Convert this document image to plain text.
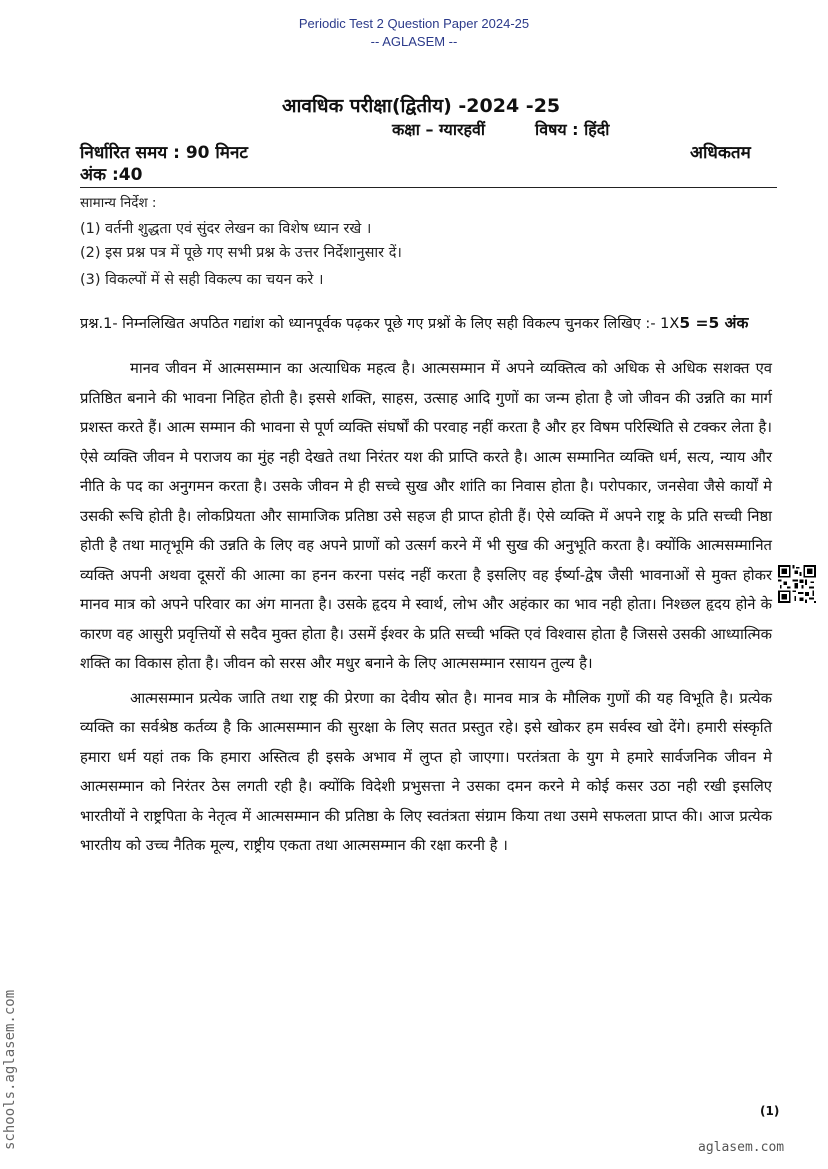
Periodic Test 2 Question Paper 2024-25
-- AGLASEM --
आवधिक परीक्षा(द्वितीय) -2024 -25
कक्षा – ग्यारहवीं	विषय : हिंदी
निर्धारित समय : 90 मिनट	अधिकतम
अंक :40
सामान्य निर्देश :
(1) वर्तनी शुद्धता एवं सुंदर लेखन का विशेष ध्यान रखे ।
(2) इस प्रश्न पत्र में पूछे गए सभी प्रश्न के उत्तर निर्देशानुसार दें।
(3) विकल्पों में से सही विकल्प का चयन करे ।
प्रश्न.1- निम्नलिखित अपठित गद्यांश को ध्यानपूर्वक पढ़कर पूछे गए प्रश्नों के लिए सही विकल्प चुनकर लिखिए :- 1X5 =5 अंक

मानव जीवन में आत्मसम्मान का अत्याधिक महत्व है। आत्मसम्मान में अपने व्यक्तित्व को अधिक से अधिक सशक्त एव प्रतिष्ठित बनाने की भावना निहित होती है। इससे शक्ति, साहस, उत्साह आदि गुणों का जन्म होता है जो जीवन की उन्नति का मार्ग प्रशस्त करते हैं। आत्म सम्मान की भावना से पूर्ण व्यक्ति संघर्षों की परवाह नहीं करता है और हर विषम परिस्थिति से टक्कर लेता है। ऐसे व्यक्ति जीवन मे पराजय का मुंह नही देखते तथा निरंतर यश की प्राप्ति करते है। आत्म सम्मानित व्यक्ति धर्म, सत्य, न्याय और नीति के पद का अनुगमन करता है। उसके जीवन मे ही सच्चे सुख और शांति का निवास होता है। परोपकार, जनसेवा जैसे कार्यों मे उसकी रूचि होती है। लोकप्रियता और सामाजिक प्रतिष्ठा उसे सहज ही प्राप्त होती हैं। ऐसे व्यक्ति में अपने राष्ट्र के प्रति सच्ची निष्ठा होती है तथा मातृभूमि की उन्नति के लिए वह अपने प्राणों को उत्सर्ग करने में भी सुख की अनुभूति करता है। क्योंकि आत्मसम्मानित व्यक्ति अपनी अथवा दूसरों की आत्मा का हनन करना पसंद नहीं करता है इसलिए वह ईर्ष्या-द्वेष जैसी भावनाओं से मुक्त होकर मानव मात्र को अपने परिवार का अंग मानता है। उसके हृदय मे स्वार्थ, लोभ और अहंकार का भाव नही होता। निश्छल हृदय होने के कारण वह आसुरी प्रवृत्तियों से सदैव मुक्त होता है। उसमें ईश्वर के प्रति सच्ची भक्ति एवं विश्वास होता है जिससे उसकी आध्यात्मिक शक्ति का विकास होता है। जीवन को सरस और मधुर बनाने के लिए आत्मसम्मान रसायन तुल्य है।

आत्मसम्मान प्रत्येक जाति तथा राष्ट्र की प्रेरणा का देवीय स्रोत है। मानव मात्र के मौलिक गुणों की यह विभूति है। प्रत्येक व्यक्ति का सर्वश्रेष्ठ कर्तव्य है कि आत्मसम्मान की सुरक्षा के लिए सतत प्रस्तुत रहे। इसे खोकर हम सर्वस्व खो देंगे। हमारी संस्कृति हमारा धर्म यहां तक कि हमारा अस्तित्व ही इसके अभाव में लुप्त हो जाएगा। परतंत्रता के युग मे हमारे सार्वजनिक जीवन मे आत्मसम्मान को निरंतर ठेस लगती रही है। क्योंकि विदेशी प्रभुसत्ता ने उसका दमन करने मे कोई कसर उठा नही रखी इसलिए भारतीयों ने राष्ट्रपिता के नेतृत्व में आत्मसम्मान की प्रतिष्ठा के लिए स्वतंत्रता संग्राम किया तथा उसमे सफलता प्राप्त की। आज प्रत्येक भारतीय को उच्च नैतिक मूल्य, राष्ट्रीय एकता तथा आत्मसम्मान की रक्षा करनी है ।

(1)
schools.aglasem.com	aglasem.com
